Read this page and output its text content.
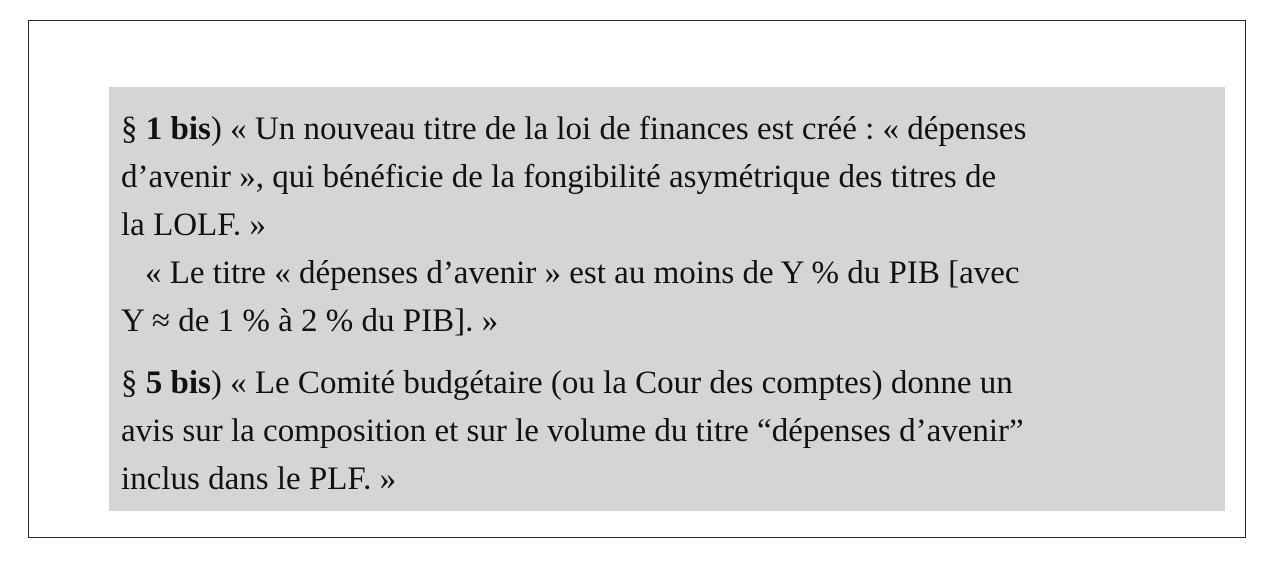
§ 1 bis) « Un nouveau titre de la loi de finances est créé : « dépenses
d’avenir », qui bénéficie de la fongibilité asymétrique des titres de
la LOLF. »
« Le titre « dépenses d’avenir » est au moins de Y % du PIB [avec
Y ≈ de 1 % à 2 % du PIB]. »

§ 5 bis) « Le Comité budgétaire (ou la Cour des comptes) donne un
avis sur la composition et sur le volume du titre “dépenses d’avenir”
inclus dans le PLF. »
